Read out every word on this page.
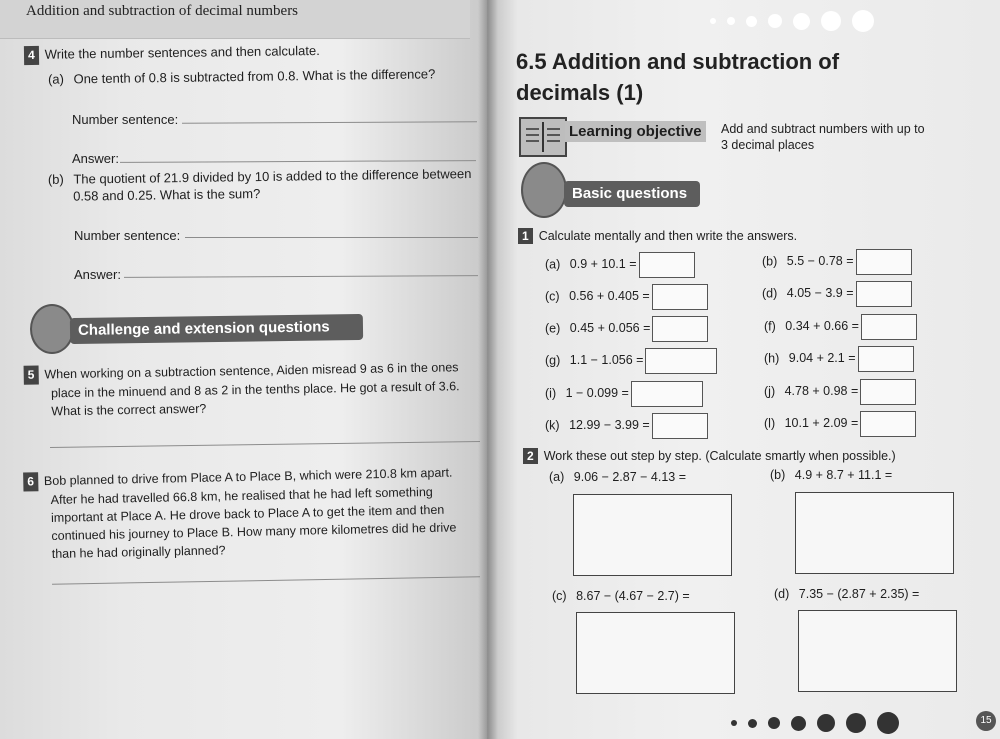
Addition and subtraction of decimal numbers
4 Write the number sentences and then calculate.
(a) One tenth of 0.8 is subtracted from 0.8. What is the difference?
Number sentence:
Answer:
(b) The quotient of 21.9 divided by 10 is added to the difference between
0.58 and 0.25. What is the sum?
Number sentence:
Answer:
Challenge and extension questions
5 When working on a subtraction sentence, Aiden misread 9 as 6 in the ones
place in the minuend and 8 as 2 in the tenths place. He got a result of 3.6.
What is the correct answer?
6 Bob planned to drive from Place A to Place B, which were 210.8 km apart.
After he had travelled 66.8 km, he realised that he had left something
important at Place A. He drove back to Place A to get the item and then
continued his journey to Place B. How many more kilometres did he drive
than he had originally planned?
6.5 Addition and subtraction of
decimals (1)
Learning objective	Add and subtract numbers with up to
3 decimal places
Basic questions
1 Calculate mentally and then write the answers.
(a) 0.9 + 10.1 =	(b) 5.5 − 0.78 =
(c) 0.56 + 0.405 =	(d) 4.05 − 3.9 =
(e) 0.45 + 0.056 =	(f) 0.34 + 0.66 =
(g) 1.1 − 1.056 =	(h) 9.04 + 2.1 =
(i) 1 − 0.099 =	(j) 4.78 + 0.98 =
(k) 12.99 − 3.99 =	(l) 10.1 + 2.09 =
2 Work these out step by step. (Calculate smartly when possible.)
(a) 9.06 − 2.87 − 4.13 =	(b) 4.9 + 8.7 + 11.1 =
(c) 8.67 − (4.67 − 2.7) =	(d) 7.35 − (2.87 + 2.35) =
15
